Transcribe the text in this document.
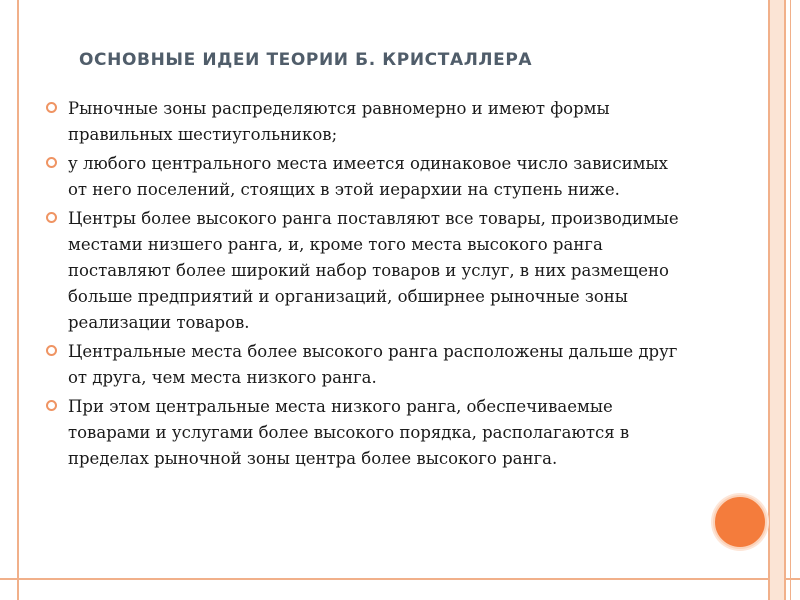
ОСНОВНЫЕ ИДЕИ ТЕОРИИ Б. КРИСТАЛЛЕРА
Рыночные зоны распределяются равномерно и имеют формы правильных шестиугольников;
у любого центрального места имеется одинаковое число зависимых от него поселений, стоящих в этой иерархии на ступень ниже.
Центры более высокого ранга поставляют все товары, производимые местами низшего ранга, и, кроме того места высокого ранга поставляют более широкий набор товаров и услуг, в них размещено больше предприятий и организаций, обширнее рыночные зоны реализации товаров.
Центральные места более высокого ранга расположены дальше друг от друга, чем места низкого ранга.
При этом центральные места низкого ранга, обеспечиваемые товарами и услугами более высокого порядка, располагаются в пределах рыночной зоны центра более высокого ранга.
